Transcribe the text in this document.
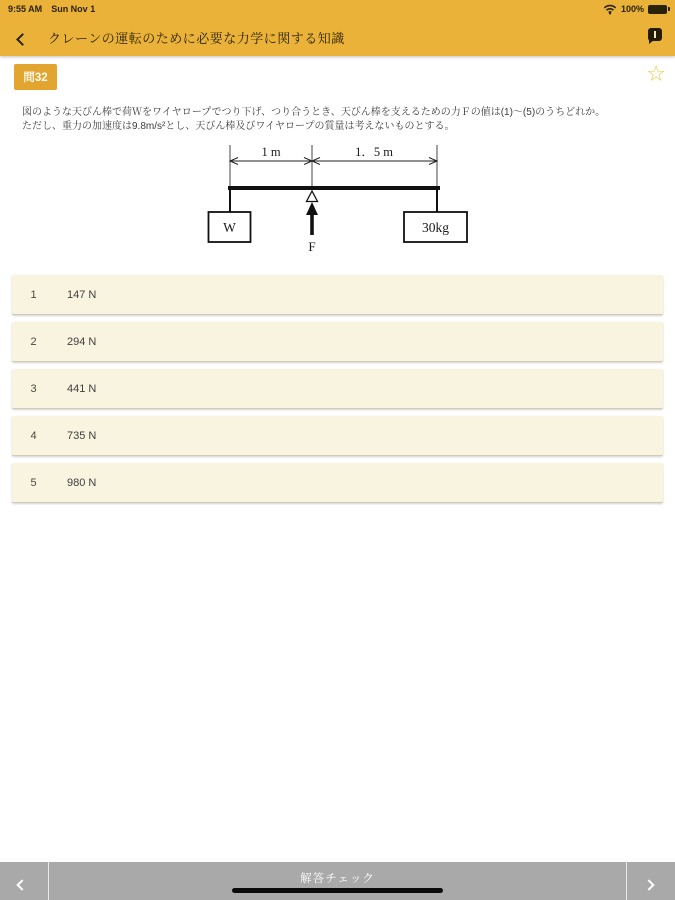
9:55 AM Sun Nov 1	100%
クレーンの運転のために必要な力学に関する知識
問32	☆
図のような天びん棒で荷Ｗをワイヤロープでつり下げ、つり合うとき、天びん棒を支えるための力Ｆの値は(1)～(5)のうちどれか。
ただし、重力の加速度は9.8m/s²とし、天びん棒及びワイヤロープの質量は考えないものとする。
1 m	1．5 m
F
W	30kg
1	147 N
2	294 N
3	441 N
4	735 N
5	980 N
解答チェック
